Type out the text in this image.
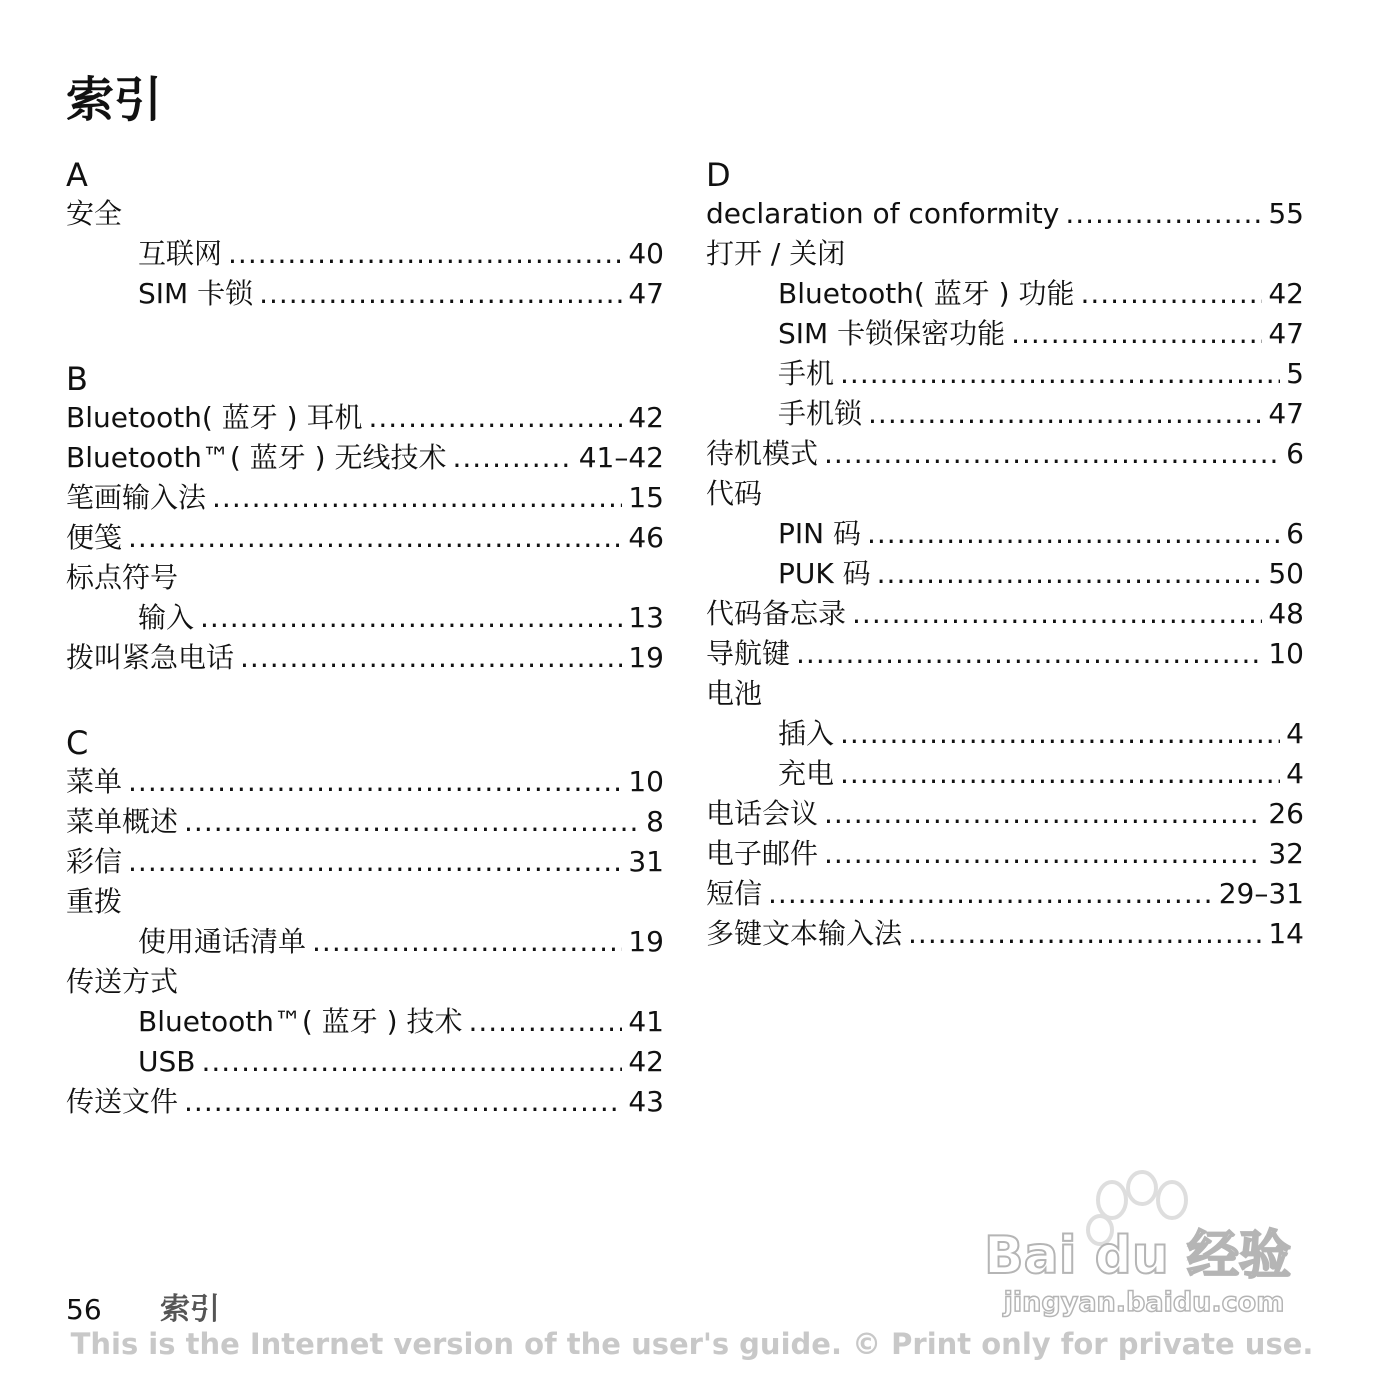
索引
A
安全
互联网 .....	40
SIM 卡锁 .....	47
B
Bluetooth( 蓝牙 ) 耳机 .....	42
Bluetooth™( 蓝牙 ) 无线技术 .....	41–42
笔画输入法 .....	15
便笺 .....	46
标点符号
输入 .....	13
拨叫紧急电话 .....	19
C
菜单 .....	10
菜单概述 .....	8
彩信 .....	31
重拨
使用通话清单 .....	19
传送方式
Bluetooth™( 蓝牙 ) 技术 .....	41
USB .....	42
传送文件 .....	43
D
declaration of conformity .....	55
打开 / 关闭
Bluetooth( 蓝牙 ) 功能 .....	42
SIM 卡锁保密功能 .....	47
手机 .....	5
手机锁 .....	47
待机模式 .....	6
代码
PIN 码 .....	6
PUK 码 .....	50
代码备忘录 .....	48
导航键 .....	10
电池
插入 .....	4
充电 .....	4
电话会议 .....	26
电子邮件 .....	32
短信 .....	29–31
多键文本输入法 .....	14
56 索引
This is the Internet version of the user's guide. © Print only for private use.
Bai du 经验
jingyan.baidu.com
